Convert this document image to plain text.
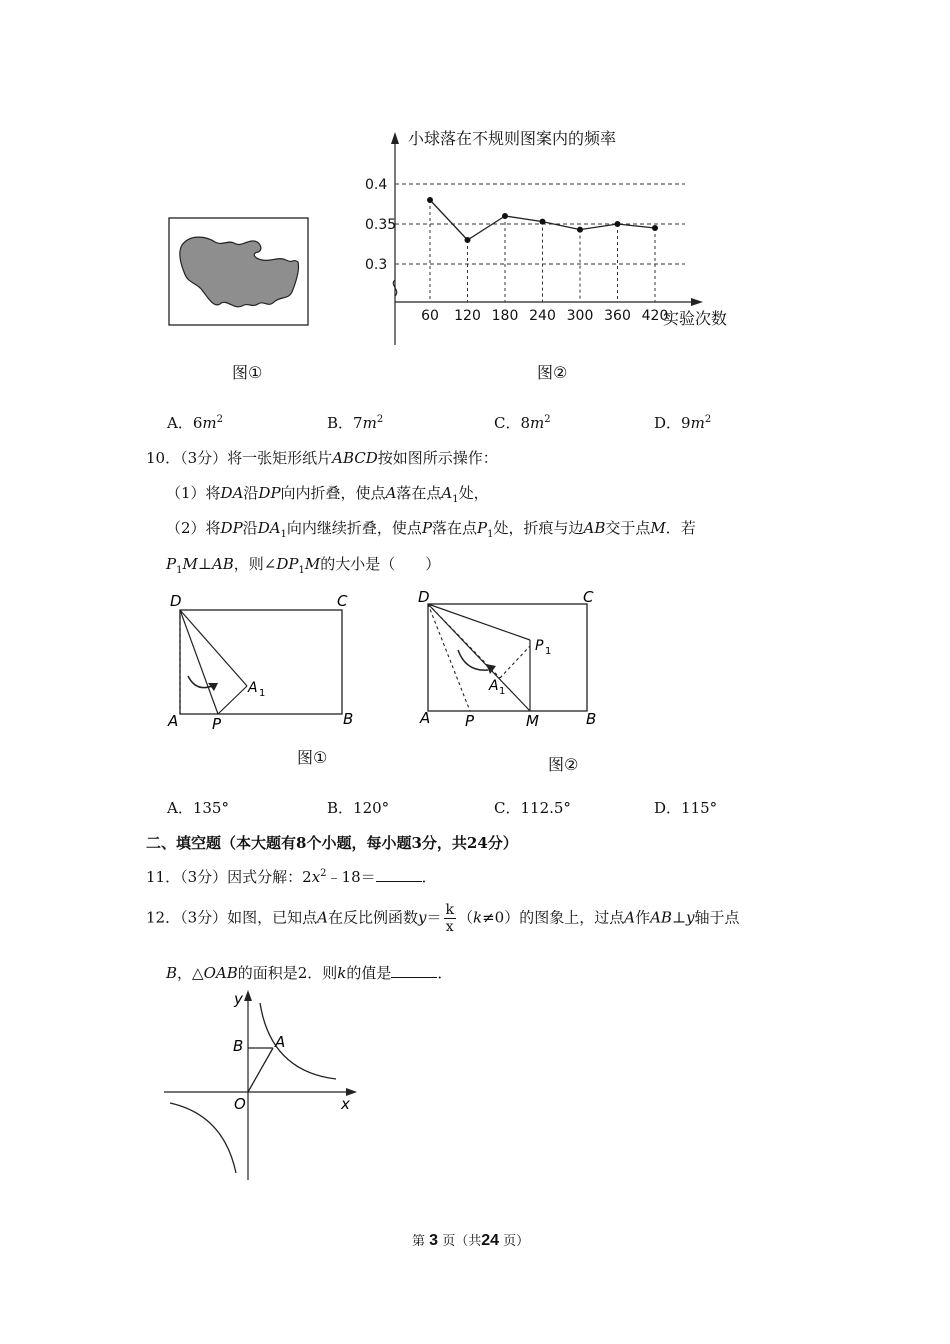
图①
小球落在不规则图案内的频率
0.3
0.35
0.4
60 120 180 240 300 360 420
实验次数
图②
A．$6m^2$	B．$7m^2$	C．$8m^2$	D．$9m^2$
10．（3分）将一张矩形纸片ABCD按如图所示操作：
（1）将DA沿DP向内折叠，使点A落在点$A_1$处，
（2）将DP沿$DA_1$向内继续折叠，使点P落在点$P_1$处，折痕与边AB交于点M．若
$P_1M\perp AB$，则$\angle DP_1M$的大小是（　　）
D	C
A	B
P
A 1
图①
D	C
A	B
P	M
P 1
A 1
图②
A．135°	B．120°	C．112.5°	D．115°
二、填空题（本大题有8个小题，每小题3分，共24分）
11．（3分）因式分解：$2x^2﹣18=$	．
12．（3分）如图，已知点A在反比例函数$y= \frac{k}{x} (k\ne 0)$的图象上，过点A作AB⊥y轴于点
B，△OAB的面积是2．则k的值是	．
y
x
O
A
B
第 3 页（共24 页）
